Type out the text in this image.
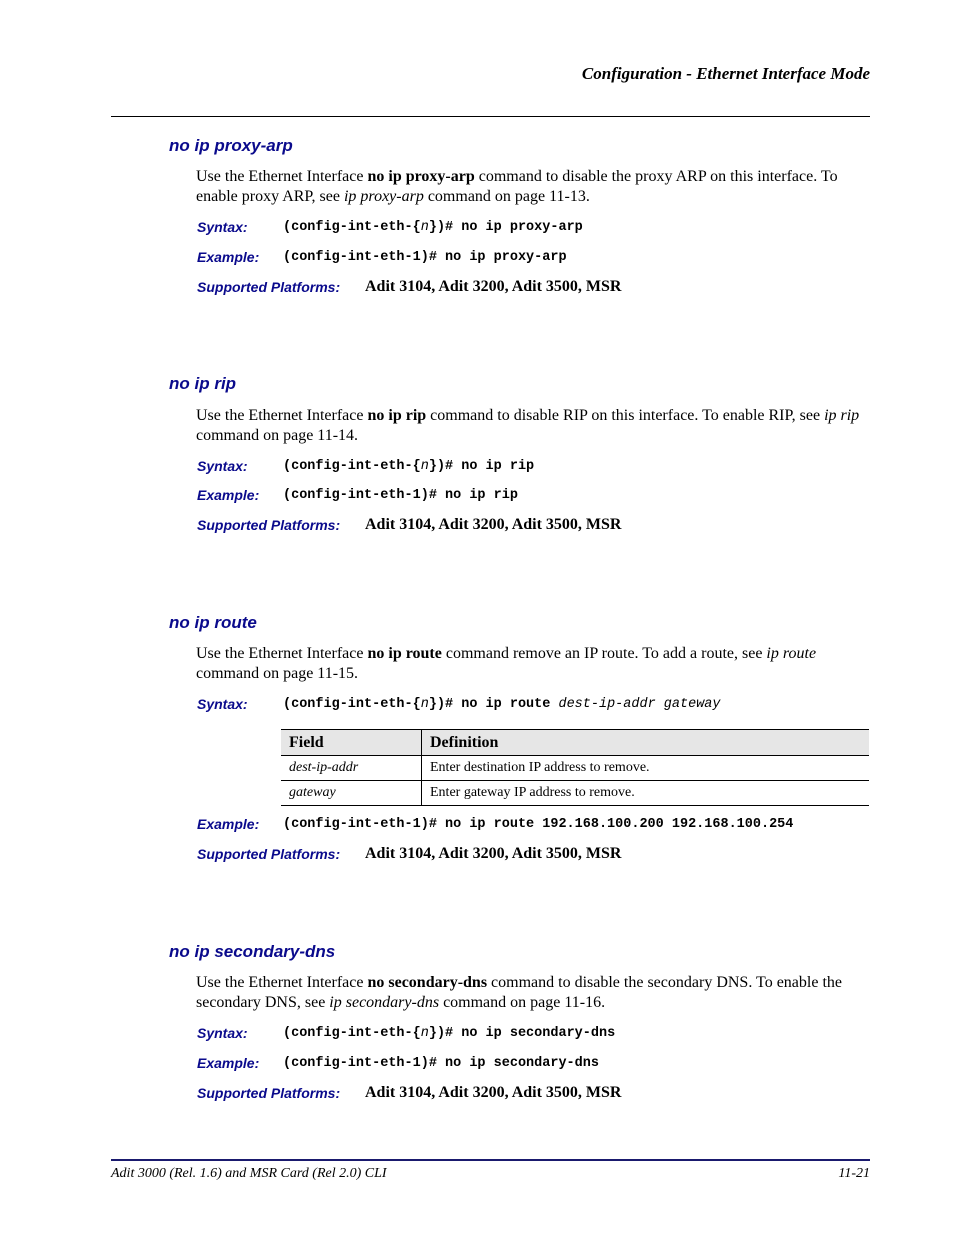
Configuration - Ethernet Interface Mode
no ip proxy-arp
Use the Ethernet Interface no ip proxy-arp command to disable the proxy ARP on this interface. To enable proxy ARP, see ip proxy-arp command on page 11-13.
Syntax:	(config-int-eth-{n})# no ip proxy-arp
Example: (config-int-eth-1)# no ip proxy-arp
Supported Platforms: Adit 3104, Adit 3200, Adit 3500, MSR
no ip rip
Use the Ethernet Interface no ip rip command to disable RIP on this interface. To enable RIP, see ip rip command on page 11-14.
Syntax:	(config-int-eth-{n})# no ip rip
Example: (config-int-eth-1)# no ip rip
Supported Platforms: Adit 3104, Adit 3200, Adit 3500, MSR
no ip route
Use the Ethernet Interface no ip route command remove an IP route. To add a route, see ip route command on page 11-15.
Syntax:	(config-int-eth-{n})# no ip route dest-ip-addr gateway
Field	Definition
dest-ip-addr	Enter destination IP address to remove.
gateway	Enter gateway IP address to remove.
Example: (config-int-eth-1)# no ip route 192.168.100.200 192.168.100.254
Supported Platforms: Adit 3104, Adit 3200, Adit 3500, MSR
no ip secondary-dns
Use the Ethernet Interface no secondary-dns command to disable the secondary DNS. To enable the secondary DNS, see ip secondary-dns command on page 11-16.
Syntax:	(config-int-eth-{n})# no ip secondary-dns
Example: (config-int-eth-1)# no ip secondary-dns
Supported Platforms: Adit 3104, Adit 3200, Adit 3500, MSR
Adit 3000 (Rel. 1.6) and MSR Card (Rel 2.0) CLI	11-21
